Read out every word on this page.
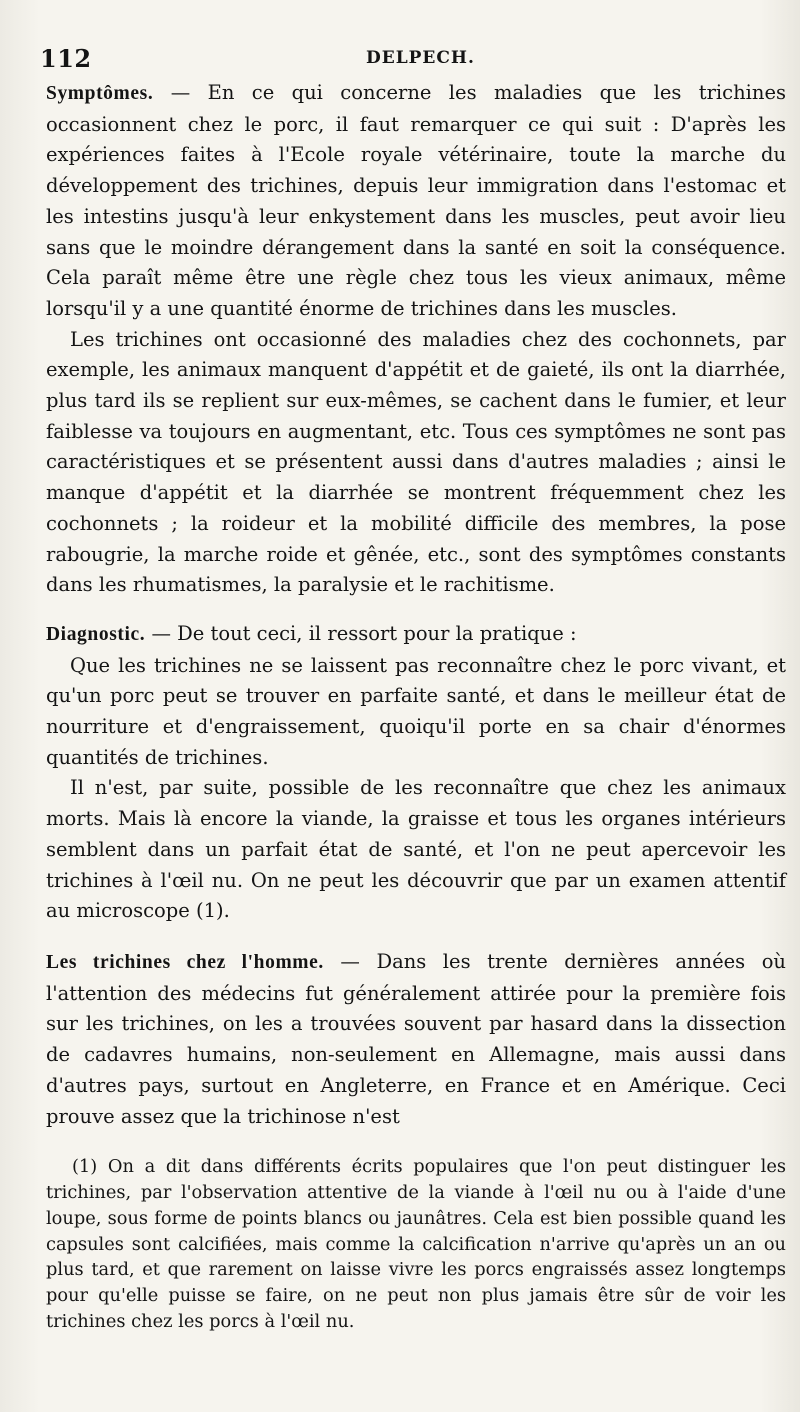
112	DELPECH.

Symptômes. — En ce qui concerne les maladies que les trichines occasionnent chez le porc, il faut remarquer ce qui suit : D'après les expériences faites à l'Ecole royale vétérinaire, toute la marche du développement des trichines, depuis leur immigration dans l'estomac et les intestins jusqu'à leur enkystement dans les muscles, peut avoir lieu sans que le moindre dérangement dans la santé en soit la conséquence. Cela paraît même être une règle chez tous les vieux animaux, même lorsqu'il y a une quantité énorme de trichines dans les muscles.

Les trichines ont occasionné des maladies chez des cochonnets, par exemple, les animaux manquent d'appétit et de gaieté, ils ont la diarrhée, plus tard ils se replient sur eux-mêmes, se cachent dans le fumier, et leur faiblesse va toujours en augmentant, etc. Tous ces symptômes ne sont pas caractéristiques et se présentent aussi dans d'autres maladies ; ainsi le manque d'appétit et la diarrhée se montrent fréquemment chez les cochonnets ; la roideur et la mobilité difficile des membres, la pose rabougrie, la marche roide et gênée, etc., sont des symptômes constants dans les rhumatismes, la paralysie et le rachitisme.

Diagnostic. — De tout ceci, il ressort pour la pratique :

Que les trichines ne se laissent pas reconnaître chez le porc vivant, et qu'un porc peut se trouver en parfaite santé, et dans le meilleur état de nourriture et d'engraissement, quoiqu'il porte en sa chair d'énormes quantités de trichines.

Il n'est, par suite, possible de les reconnaître que chez les animaux morts. Mais là encore la viande, la graisse et tous les organes intérieurs semblent dans un parfait état de santé, et l'on ne peut apercevoir les trichines à l'œil nu. On ne peut les découvrir que par un examen attentif au microscope (1).

Les trichines chez l'homme. — Dans les trente dernières années où l'attention des médecins fut généralement attirée pour la première fois sur les trichines, on les a trouvées souvent par hasard dans la dissection de cadavres humains, non-seulement en Allemagne, mais aussi dans d'autres pays, surtout en Angleterre, en France et en Amérique. Ceci prouve assez que la trichinose n'est

(1) On a dit dans différents écrits populaires que l'on peut distinguer les trichines, par l'observation attentive de la viande à l'œil nu ou à l'aide d'une loupe, sous forme de points blancs ou jaunâtres. Cela est bien possible quand les capsules sont calcifiées, mais comme la calcification n'arrive qu'après un an ou plus tard, et que rarement on laisse vivre les porcs engraissés assez longtemps pour qu'elle puisse se faire, on ne peut non plus jamais être sûr de voir les trichines chez les porcs à l'œil nu.
